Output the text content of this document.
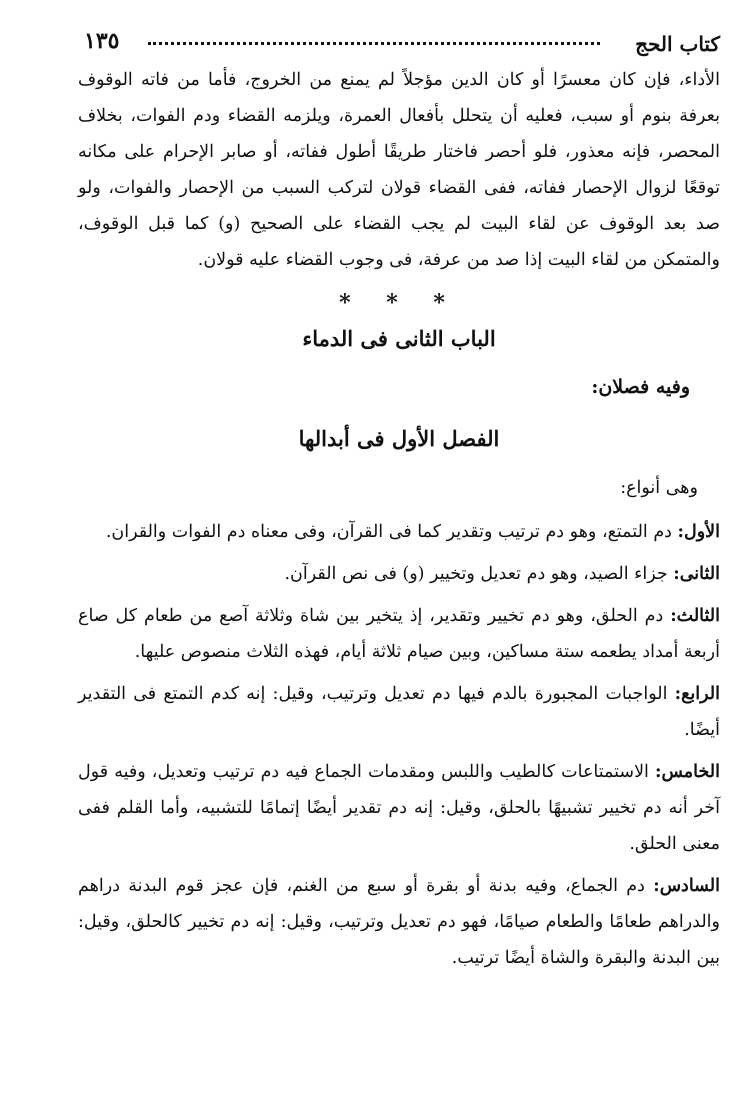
كتاب الحج
١٣٥

الأداء، فإن كان معسرًا أو كان الدين مؤجلاً لم يمنع من الخروج، فأما من فاته الوقوف بعرفة بنوم أو سبب، فعليه أن يتحلل بأفعال العمرة، ويلزمه القضاء ودم الفوات، بخلاف المحصر، فإنه معذور، فلو أحصر فاختار طريقًا أطول ففاته، أو صابر الإحرام على مكانه توقعًا لزوال الإحصار ففاته، ففى القضاء قولان لتركب السبب من الإحصار والفوات، ولو صد بعد الوقوف عن لقاء البيت لم يجب القضاء على الصحيح (و) كما قبل الوقوف، والمتمكن من لقاء البيت إذا صد من عرفة، فى وجوب القضاء عليه قولان.

* * *
الباب الثانى فى الدماء
وفيه فصلان:
الفصل الأول فى أبدالها
وهى أنواع:

الأول: دم التمتع، وهو دم ترتيب وتقدير كما فى القرآن، وفى معناه دم الفوات والقران.

الثانى: جزاء الصيد، وهو دم تعديل وتخيير (و) فى نص القرآن.

الثالث: دم الحلق، وهو دم تخيير وتقدير، إذ يتخير بين شاة وثلاثة آصع من طعام كل صاع أربعة أمداد يطعمه ستة مساكين، وبين صيام ثلاثة أيام، فهذه الثلاث منصوص عليها.

الرابع: الواجبات المجبورة بالدم فيها دم تعديل وترتيب، وقيل: إنه كدم التمتع فى التقدير أيضًا.

الخامس: الاستمتاعات كالطيب واللبس ومقدمات الجماع فيه دم ترتيب وتعديل، وفيه قول آخر أنه دم تخيير تشبيهًا بالحلق، وقيل: إنه دم تقدير أيضًا إتمامًا للتشبيه، وأما القلم ففى معنى الحلق.

السادس: دم الجماع، وفيه بدنة أو بقرة أو سبع من الغنم، فإن عجز قوم البدنة دراهم والدراهم طعامًا والطعام صيامًا، فهو دم تعديل وترتيب، وقيل: إنه دم تخيير كالحلق، وقيل: بين البدنة والبقرة والشاة أيضًا ترتيب.
